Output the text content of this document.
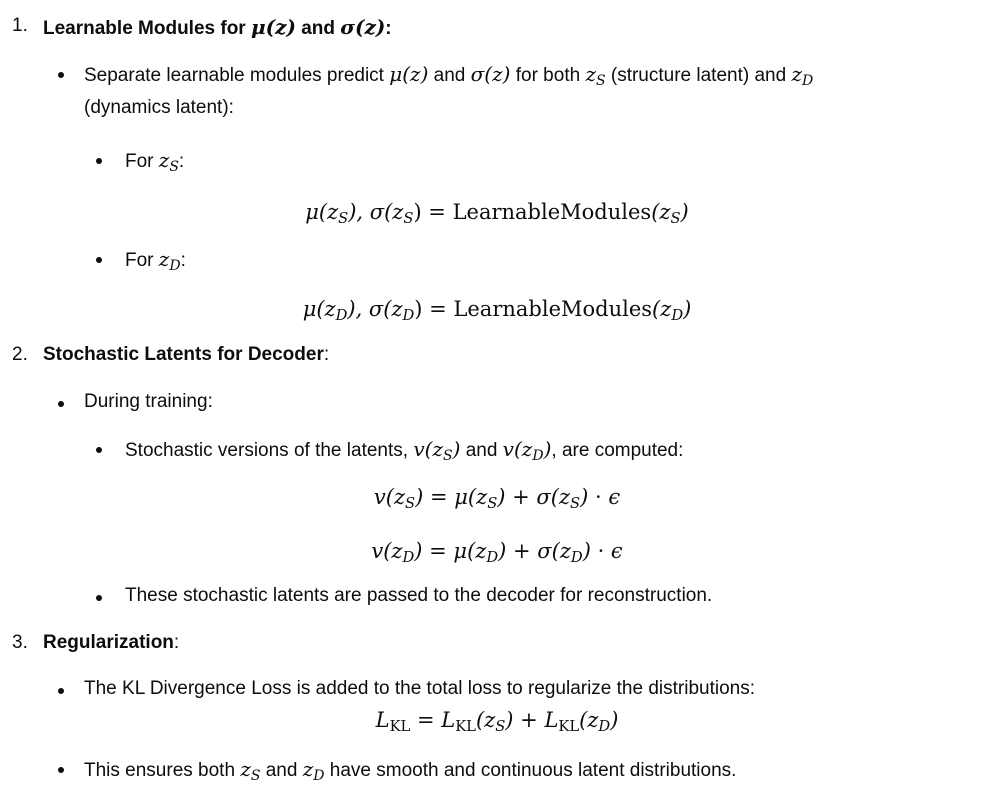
1. Learnable Modules for μ(z) and σ(z):
Separate learnable modules predict μ(z) and σ(z) for both $z_S$ (structure latent) and $z_D$
(dynamics latent):
For $z_S$:
$\mu(z_S)$, $\sigma(z_S)$ = $LearnableModules(z_S)$
For $z_D$:
$\mu(z_D)$, $\sigma(z_D)$ = $LearnableModules(z_D)$
2. Stochastic Latents for Decoder:
During training:
Stochastic versions of the latents, $v(z_S)$ and $v(z_D)$, are computed:
$v(z_S) = \mu(z_S) + \sigma(z_S) \cdot \epsilon$
$v(z_D) = \mu(z_D) + \sigma(z_D) \cdot \epsilon$
These stochastic latents are passed to the decoder for reconstruction.
3. Regularization:
The KL Divergence Loss is added to the total loss to regularize the distributions:
$L_{KL} = L_{KL}(z_S) + L_{KL}(z_D)$
This ensures both $z_S$ and $z_D$ have smooth and continuous latent distributions.
